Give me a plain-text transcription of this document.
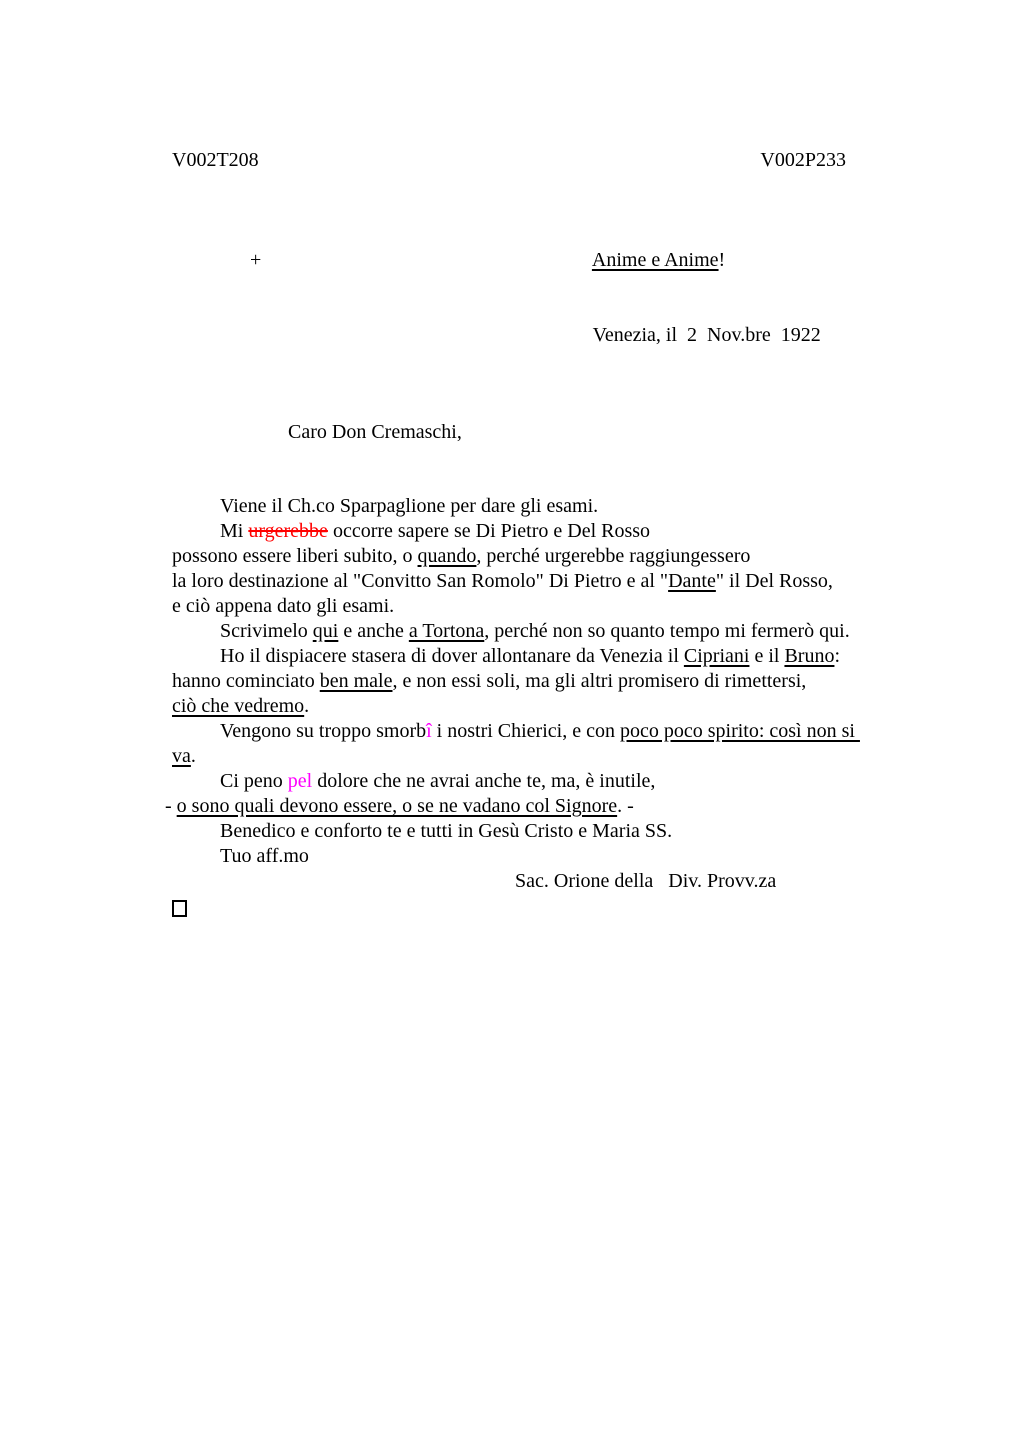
V002T208	V002P233

+
	Anime e Anime!

Venezia, il  2  Nov.bre  1922

Caro Don Cremaschi,

Viene il Ch.co Sparpaglione per dare gli esami.
Mi urgerebbe occorre sapere se Di Pietro e Del Rosso
possono essere liberi subito, o quando, perché urgerebbe raggiungessero
la loro destinazione al "Convitto San Romolo" Di Pietro e al "Dante" il Del Rosso,
e ciò appena dato gli esami.
Scrivimelo qui e anche a Tortona, perché non so quanto tempo mi fermerò qui.
Ho il dispiacere stasera di dover allontanare da Venezia il Cipriani e il Bruno:
hanno cominciato ben male, e non essi soli, ma gli altri promisero di rimettersi,
ciò che vedremo.
Vengono su troppo smorbî i nostri Chierici, e con poco poco spirito: così non si
va.
Ci peno pel dolore che ne avrai anche te, ma, è inutile,
- o sono quali devono essere, o se ne vadano col Signore. -
Benedico e conforto te e tutti in Gesù Cristo e Maria SS.
Tuo aff.mo
Sac. Orione della   Div. Provv.za
